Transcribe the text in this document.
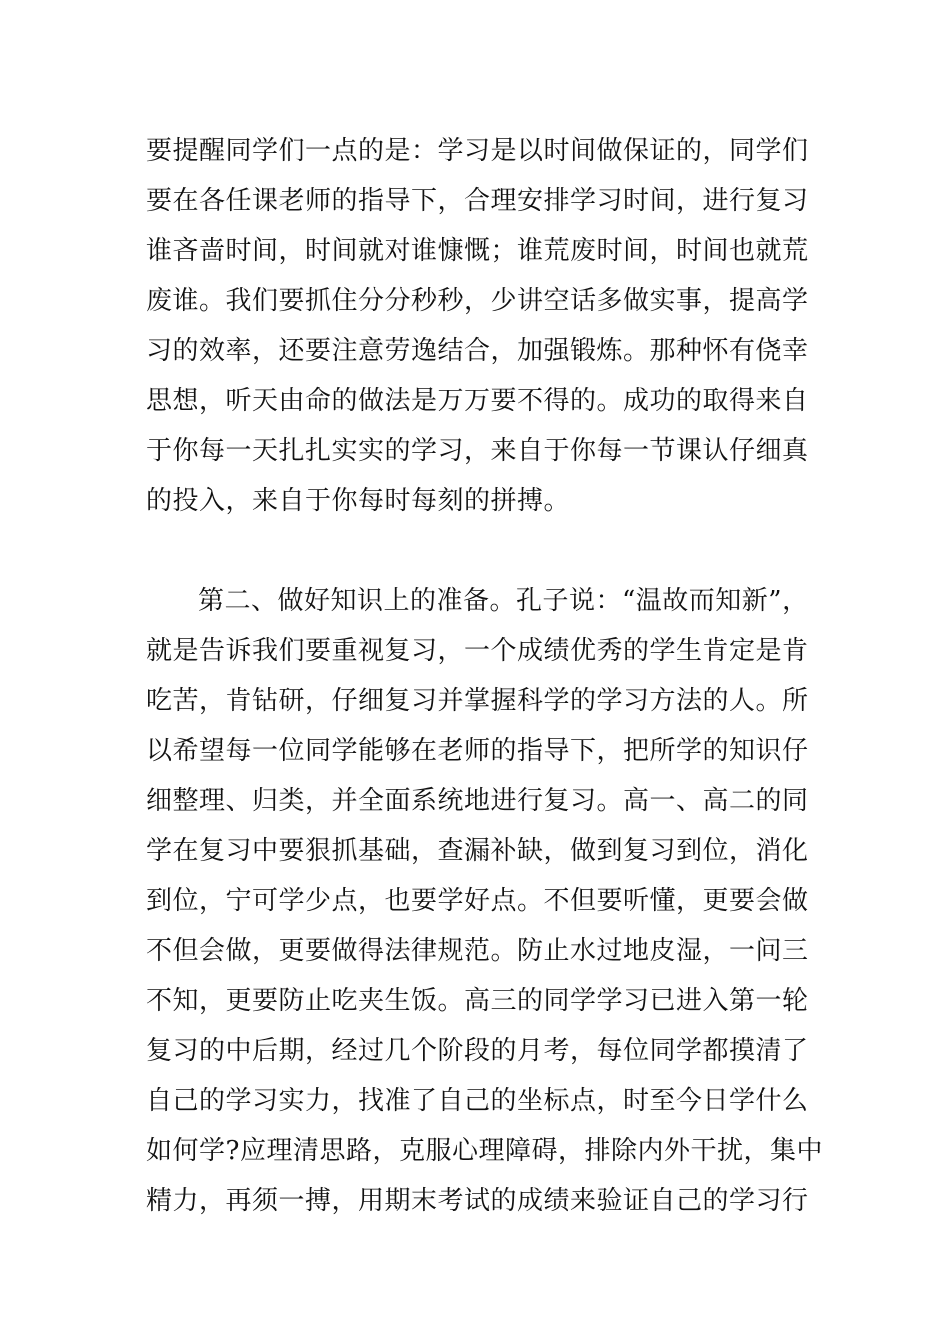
要提醒同学们一点的是：学习是以时间做保证的，同学们
要在各任课老师的指导下，合理安排学习时间，进行复习
谁吝啬时间，时间就对谁慷慨；谁荒废时间，时间也就荒
废谁。我们要抓住分分秒秒，少讲空话多做实事，提高学
习的效率，还要注意劳逸结合，加强锻炼。那种怀有侥幸
思想，听天由命的做法是万万要不得的。成功的取得来自
于你每一天扎扎实实的学习，来自于你每一节课认仔细真
的投入，来自于你每时每刻的拼搏。
第二、做好知识上的准备。孔子说：“温故而知新”，
就是告诉我们要重视复习，一个成绩优秀的学生肯定是肯
吃苦，肯钻研，仔细复习并掌握科学的学习方法的人。所
以希望每一位同学能够在老师的指导下，把所学的知识仔
细整理、归类，并全面系统地进行复习。高一、高二的同
学在复习中要狠抓基础，查漏补缺，做到复习到位，消化
到位，宁可学少点，也要学好点。不但要听懂，更要会做
不但会做，更要做得法律规范。防止水过地皮湿，一问三
不知，更要防止吃夹生饭。高三的同学学习已进入第一轮
复习的中后期，经过几个阶段的月考，每位同学都摸清了
自己的学习实力，找准了自己的坐标点，时至今日学什么
如何学?应理清思路，克服心理障碍，排除内外干扰，集中
精力，再须一搏，用期末考试的成绩来验证自己的学习行
